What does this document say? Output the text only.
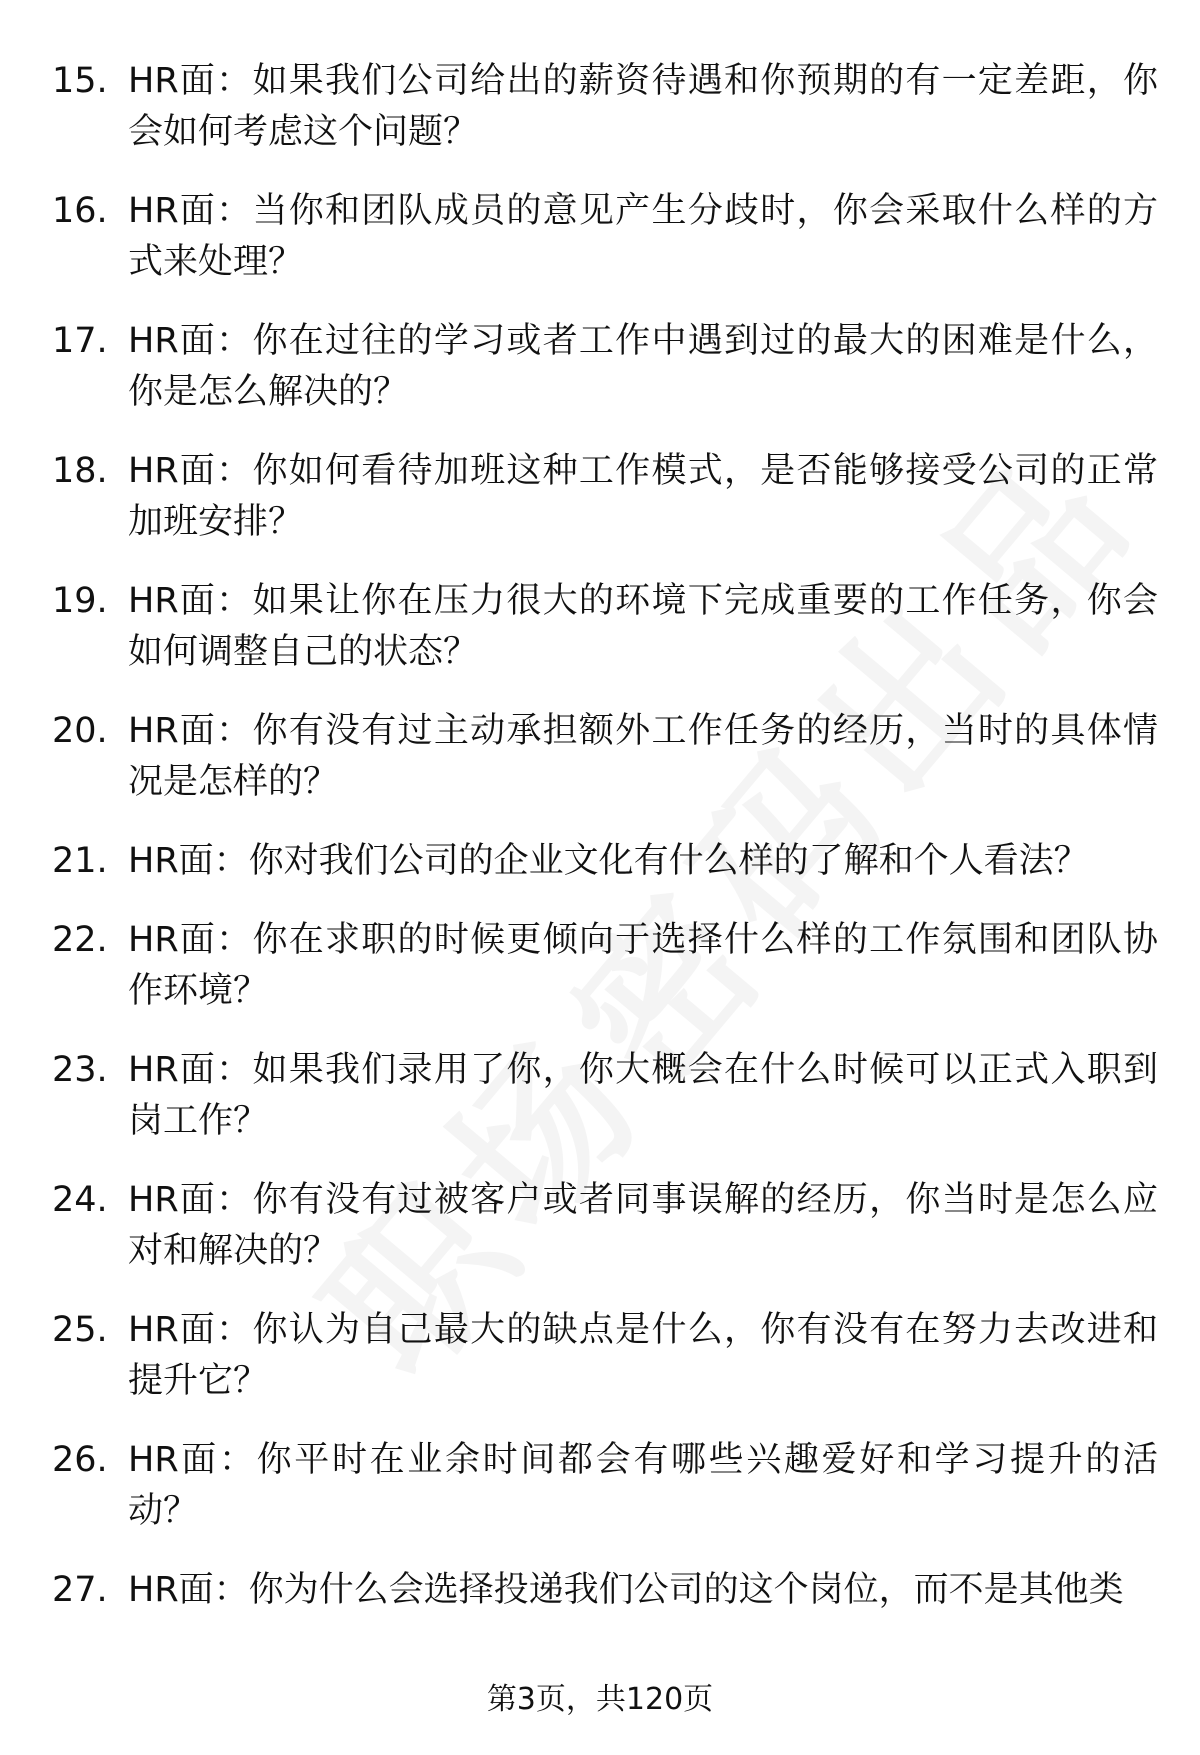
15. HR面：如果我们公司给出的薪资待遇和你预期的有一定差距，你会如何考虑这个问题？
16. HR面：当你和团队成员的意见产生分歧时，你会采取什么样的方式来处理？
17. HR面：你在过往的学习或者工作中遇到过的最大的困难是什么，你是怎么解决的？
18. HR面：你如何看待加班这种工作模式，是否能够接受公司的正常加班安排？
19. HR面：如果让你在压力很大的环境下完成重要的工作任务，你会如何调整自己的状态？
20. HR面：你有没有过主动承担额外工作任务的经历，当时的具体情况是怎样的？
21. HR面：你对我们公司的企业文化有什么样的了解和个人看法？
22. HR面：你在求职的时候更倾向于选择什么样的工作氛围和团队协作环境？
23. HR面：如果我们录用了你，你大概会在什么时候可以正式入职到岗工作？
24. HR面：你有没有过被客户或者同事误解的经历，你当时是怎么应对和解决的？
25. HR面：你认为自己最大的缺点是什么，你有没有在努力去改进和提升它？
26. HR面：你平时在业余时间都会有哪些兴趣爱好和学习提升的活动？
27. HR面：你为什么会选择投递我们公司的这个岗位，而不是其他类
第3页，共120页
